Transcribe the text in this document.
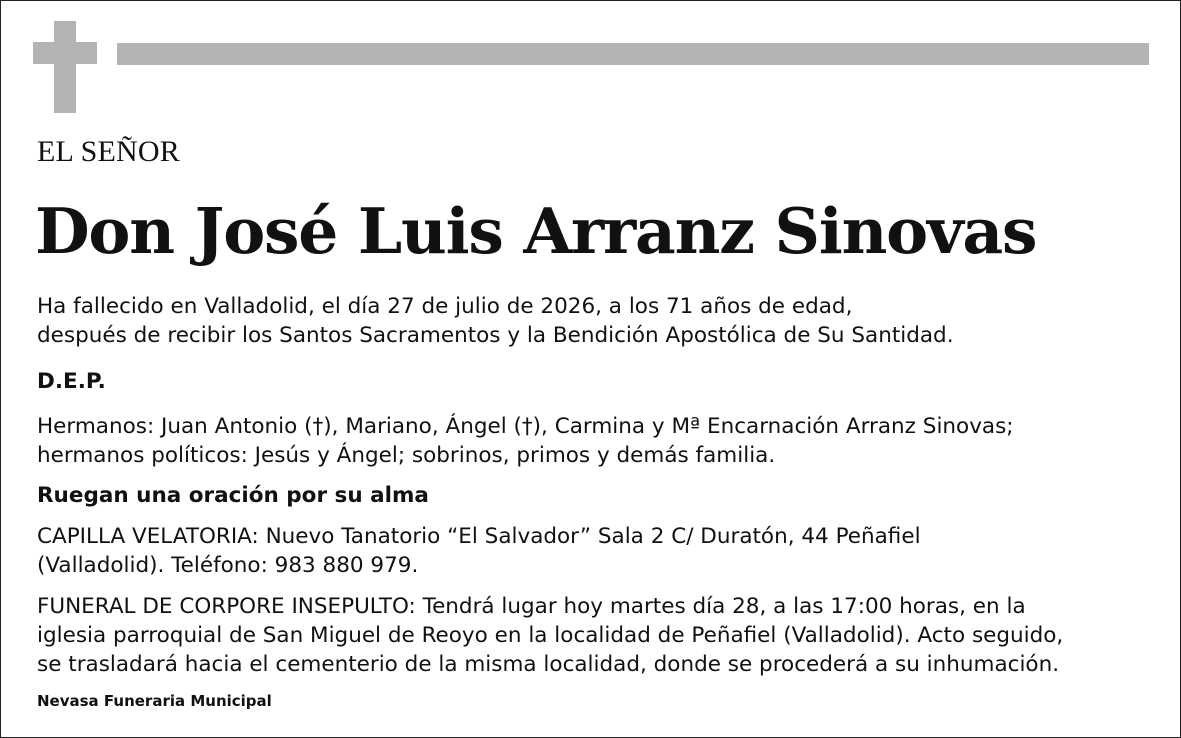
EL SEÑOR
Don José Luis Arranz Sinovas
Ha fallecido en Valladolid, el día 27 de julio de 2026, a los 71 años de edad,
después de recibir los Santos Sacramentos y la Bendición Apostólica de Su Santidad.
D.E.P.
Hermanos: Juan Antonio (†), Mariano, Ángel (†), Carmina y Mª Encarnación Arranz Sinovas;
hermanos políticos: Jesús y Ángel; sobrinos, primos y demás familia.
Ruegan una oración por su alma
CAPILLA VELATORIA: Nuevo Tanatorio “El Salvador” Sala 2 C/ Duratón, 44 Peñafiel
(Valladolid). Teléfono: 983 880 979.
FUNERAL DE CORPORE INSEPULTO: Tendrá lugar hoy martes día 28, a las 17:00 horas, en la
iglesia parroquial de San Miguel de Reoyo en la localidad de Peñafiel (Valladolid). Acto seguido,
se trasladará hacia el cementerio de la misma localidad, donde se procederá a su inhumación.
Nevasa Funeraria Municipal
